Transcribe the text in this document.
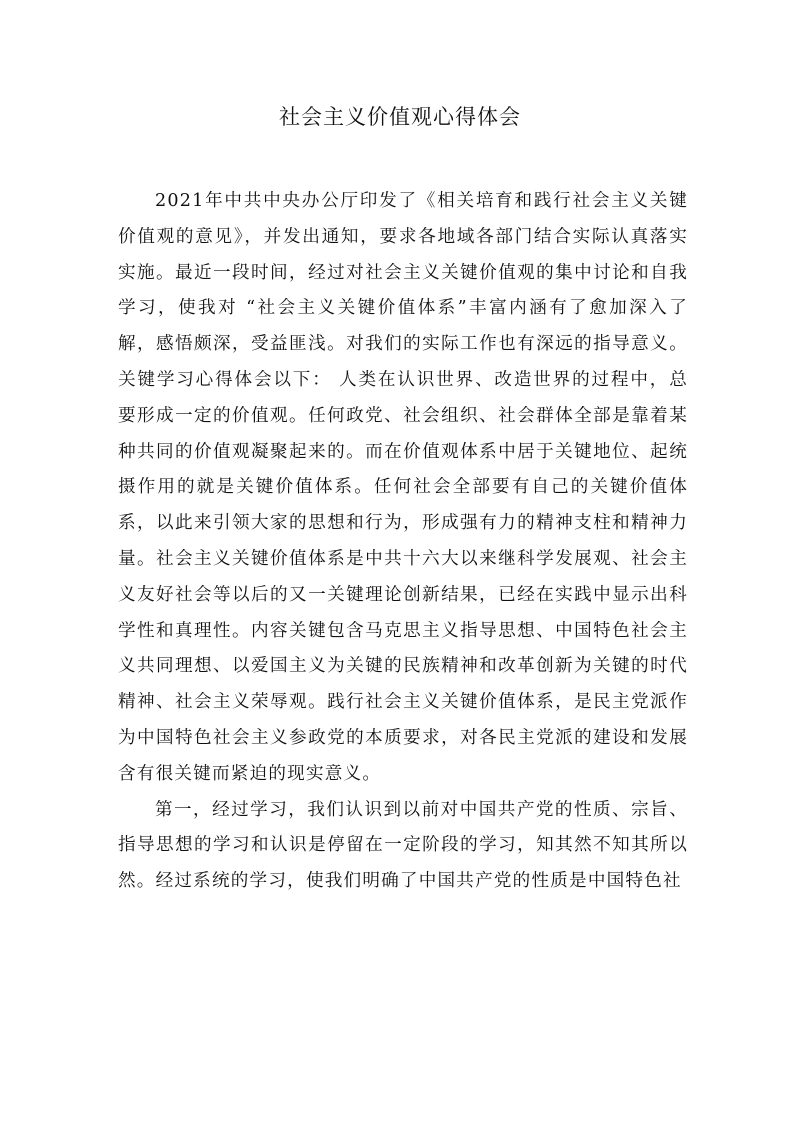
社会主义价值观心得体会

2021年中共中央办公厅印发了《相关培育和践行社会主义关键价值观的意见》，并发出通知，要求各地域各部门结合实际认真落实实施。最近一段时间，经过对社会主义关键价值观的集中讨论和自我学习，使我对 “社会主义关键价值体系”丰富内涵有了愈加深入了解，感悟颇深，受益匪浅。对我们的实际工作也有深远的指导意义。关键学习心得体会以下： 人类在认识世界、改造世界的过程中，总要形成一定的价值观。任何政党、社会组织、社会群体全部是靠着某种共同的价值观凝聚起来的。而在价值观体系中居于关键地位、起统摄作用的就是关键价值体系。任何社会全部要有自己的关键价值体系，以此来引领大家的思想和行为，形成强有力的精神支柱和精神力量。社会主义关键价值体系是中共十六大以来继科学发展观、社会主义友好社会等以后的又一关键理论创新结果，已经在实践中显示出科学性和真理性。内容关键包含马克思主义指导思想、中国特色社会主义共同理想、以爱国主义为关键的民族精神和改革创新为关键的时代精神、社会主义荣辱观。践行社会主义关键价值体系，是民主党派作为中国特色社会主义参政党的本质要求，对各民主党派的建设和发展含有很关键而紧迫的现实意义。

第一，经过学习，我们认识到以前对中国共产党的性质、宗旨、指导思想的学习和认识是停留在一定阶段的学习，知其然不知其所以然。经过系统的学习，使我们明确了中国共产党的性质是中国特色社
